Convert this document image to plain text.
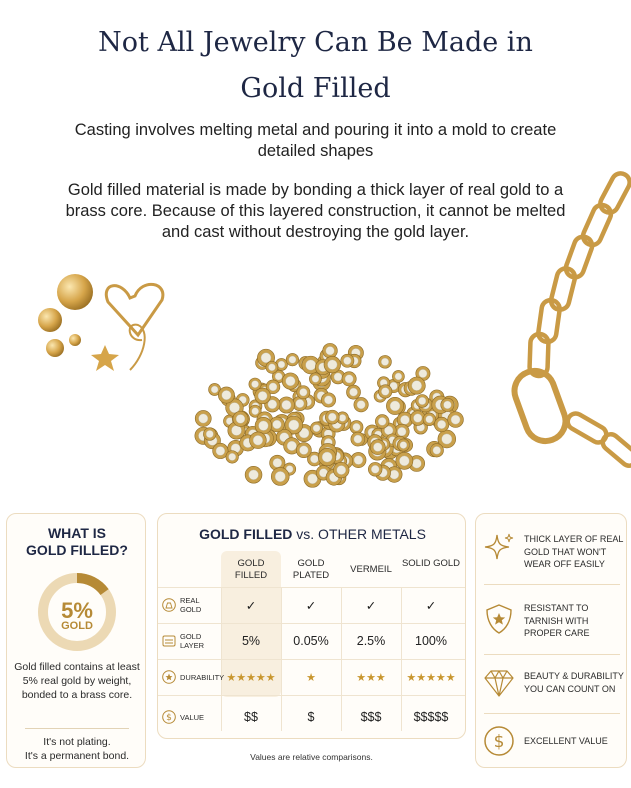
Not All Jewelry Can Be Made in
Gold Filled
Casting involves melting metal and pouring it into a mold to create detailed shapes
Gold filled material is made by bonding a thick layer of real gold to a brass core. Because of this layered construction, it cannot be melted and cast without destroying the gold layer.
WHAT IS
GOLD FILLED?
5%
GOLD
Gold filled contains at least 5% real gold by weight, bonded to a brass core.
It's not plating.
It's a permanent bond.
GOLD FILLED vs. OTHER METALS
GOLD FILLED
GOLD PLATED
VERMEIL
SOLID GOLD
REAL GOLD	✓	✓	✓	✓
GOLD LAYER	5%	0.05%	2.5%	100%
DURABILITY ★★★★★	★	★★★	★★★★★
$ VALUE	$$	$	$$$	$$$$$
Values are relative comparisons.
THICK LAYER OF REAL GOLD THAT WON'T WEAR OFF EASILY
RESISTANT TO TARNISH WITH PROPER CARE
BEAUTY & DURABILITY YOU CAN COUNT ON
$ EXCELLENT VALUE
